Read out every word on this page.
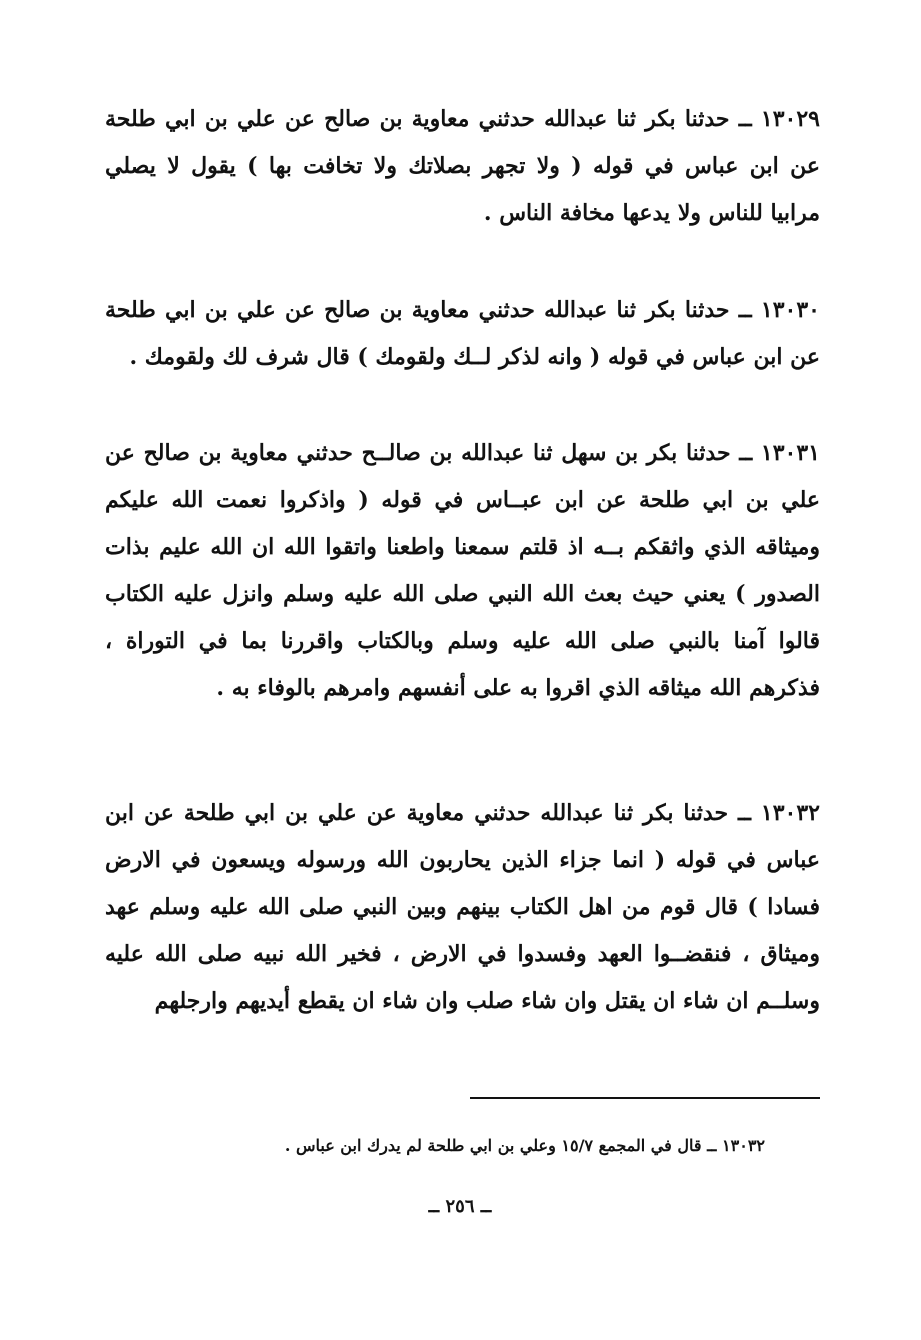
١٣٠٢٩ ــ حدثنا بكر ثنا عبدالله حدثني معاوية بن صالح عن علي بن ابي طلحة عن ابن عباس في قوله ( ولا تجهر بصلاتك ولا تخافت بها ) يقول لا يصلي مرابيا للناس ولا يدعها مخافة الناس .

١٣٠٣٠ ــ حدثنا بكر ثنا عبدالله حدثني معاوية بن صالح عن علي بن ابي طلحة عن ابن عباس في قوله ( وانه لذكر لــك ولقومك ) قال شرف لك ولقومك .

١٣٠٣١ ــ حدثنا بكر بن سهل ثنا عبدالله بن صالــح حدثني معاوية بن صالح عن علي بن ابي طلحة عن ابن عبــاس في قوله ( واذكروا نعمت الله عليكم وميثاقه الذي واثقكم بــه اذ قلتم سمعنا واطعنا واتقوا الله ان الله عليم بذات الصدور ) يعني حيث بعث الله النبي صلى الله عليه وسلم وانزل عليه الكتاب قالوا آمنا بالنبي صلى الله عليه وسلم وبالكتاب واقررنا بما في التوراة ، فذكرهم الله ميثاقه الذي اقروا به على أنفسهم وامرهم بالوفاء به .

١٣٠٣٢ ــ حدثنا بكر ثنا عبدالله حدثني معاوية عن علي بن ابي طلحة عن ابن عباس في قوله ( انما جزاء الذين يحاربون الله ورسوله ويسعون في الارض فسادا ) قال قوم من اهل الكتاب بينهم وبين النبي صلى الله عليه وسلم عهد وميثاق ، فنقضــوا العهد وفسدوا في الارض ، فخير الله نبيه صلى الله عليه وسلــم ان شاء ان يقتل وان شاء صلب وان شاء ان يقطع أيديهم وارجلهم

١٣٠٣٢ ــ قال في المجمع ١٥/٧ وعلي بن ابي طلحة لم يدرك ابن عباس .

ــ ٢٥٦ ــ
